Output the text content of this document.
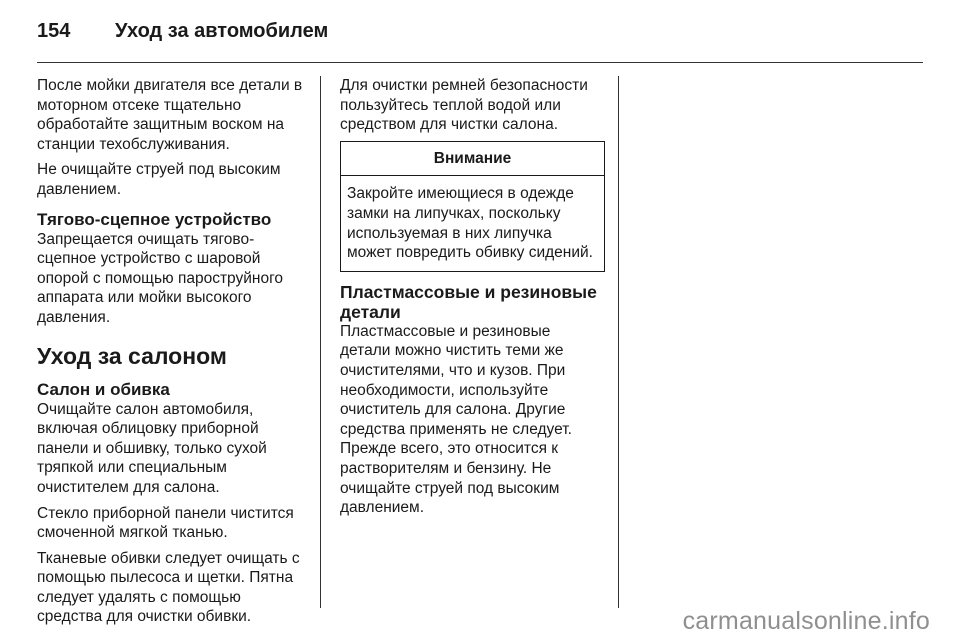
154	Уход за автомобилем

После мойки двигателя все детали в моторном отсеке тщательно обработайте защитным воском на станции техобслуживания.

Не очищайте струей под высоким давлением.

Тягово-сцепное устройство

Запрещается очищать тягово-сцепное устройство с шаровой опорой с помощью пароструйного аппарата или мойки высокого давления.

Уход за салоном
Салон и обивка

Очищайте салон автомобиля, включая облицовку приборной панели и обшивку, только сухой тряпкой или специальным очистителем для салона.

Стекло приборной панели чистится смоченной мягкой тканью.

Тканевые обивки следует очищать с помощью пылесоса и щетки. Пятна следует удалять с помощью средства для очистки обивки.

Для очистки ремней безопасности пользуйтесь теплой водой или средством для чистки салона.

Внимание
Закройте имеющиеся в одежде замки на липучках, поскольку используемая в них липучка может повредить обивку сидений.
Пластмассовые и резиновые детали

Пластмассовые и резиновые детали можно чистить теми же очистителями, что и кузов. При необходимости, используйте очиститель для салона. Другие средства применять не следует. Прежде всего, это относится к растворителям и бензину. Не очищайте струей под высоким давлением.

carmanualsonline.info
